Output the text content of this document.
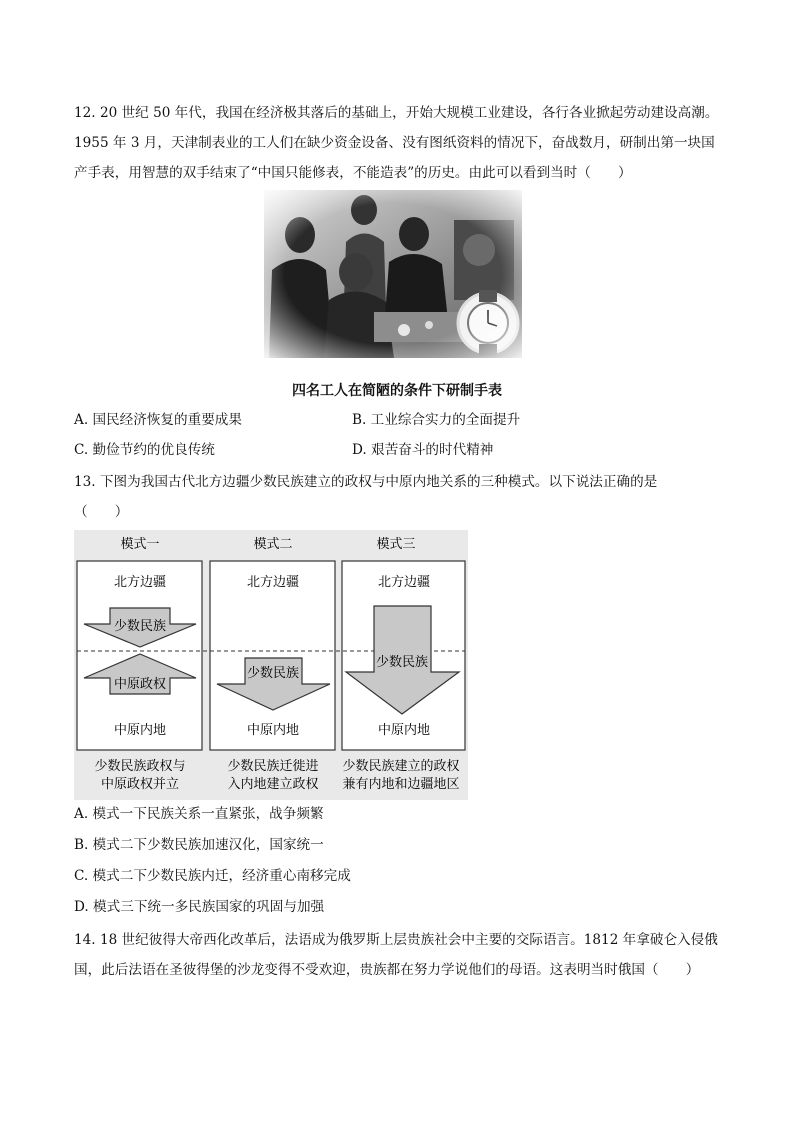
12. 20 世纪 50 年代，我国在经济极其落后的基础上，开始大规模工业建设，各行各业掀起劳动建设高潮。
1955 年 3 月，天津制表业的工人们在缺少资金设备、没有图纸资料的情况下，奋战数月，研制出第一块国
产手表，用智慧的双手结束了“中国只能修表，不能造表”的历史。由此可以看到当时（　　）
四名工人在简陋的条件下研制手表
A. 国民经济恢复的重要成果	B. 工业综合实力的全面提升
C. 勤俭节约的优良传统	D. 艰苦奋斗的时代精神
13. 下图为我国古代北方边疆少数民族建立的政权与中原内地关系的三种模式。以下说法正确的是
（　　）
模式一	模式二	模式三
北方边疆	北方边疆	北方边疆
少数民族
中原政权
少数民族
少数民族
中原内地	中原内地	中原内地
少数民族政权与
中原政权并立
少数民族迁徙进
入内地建立政权
少数民族建立的政权
兼有内地和边疆地区
A. 模式一下民族关系一直紧张，战争频繁
B. 模式二下少数民族加速汉化，国家统一
C. 模式二下少数民族内迁，经济重心南移完成
D. 模式三下统一多民族国家的巩固与加强
14. 18 世纪彼得大帝西化改革后，法语成为俄罗斯上层贵族社会中主要的交际语言。1812 年拿破仑入侵俄
国，此后法语在圣彼得堡的沙龙变得不受欢迎，贵族都在努力学说他们的母语。这表明当时俄国（　　）
